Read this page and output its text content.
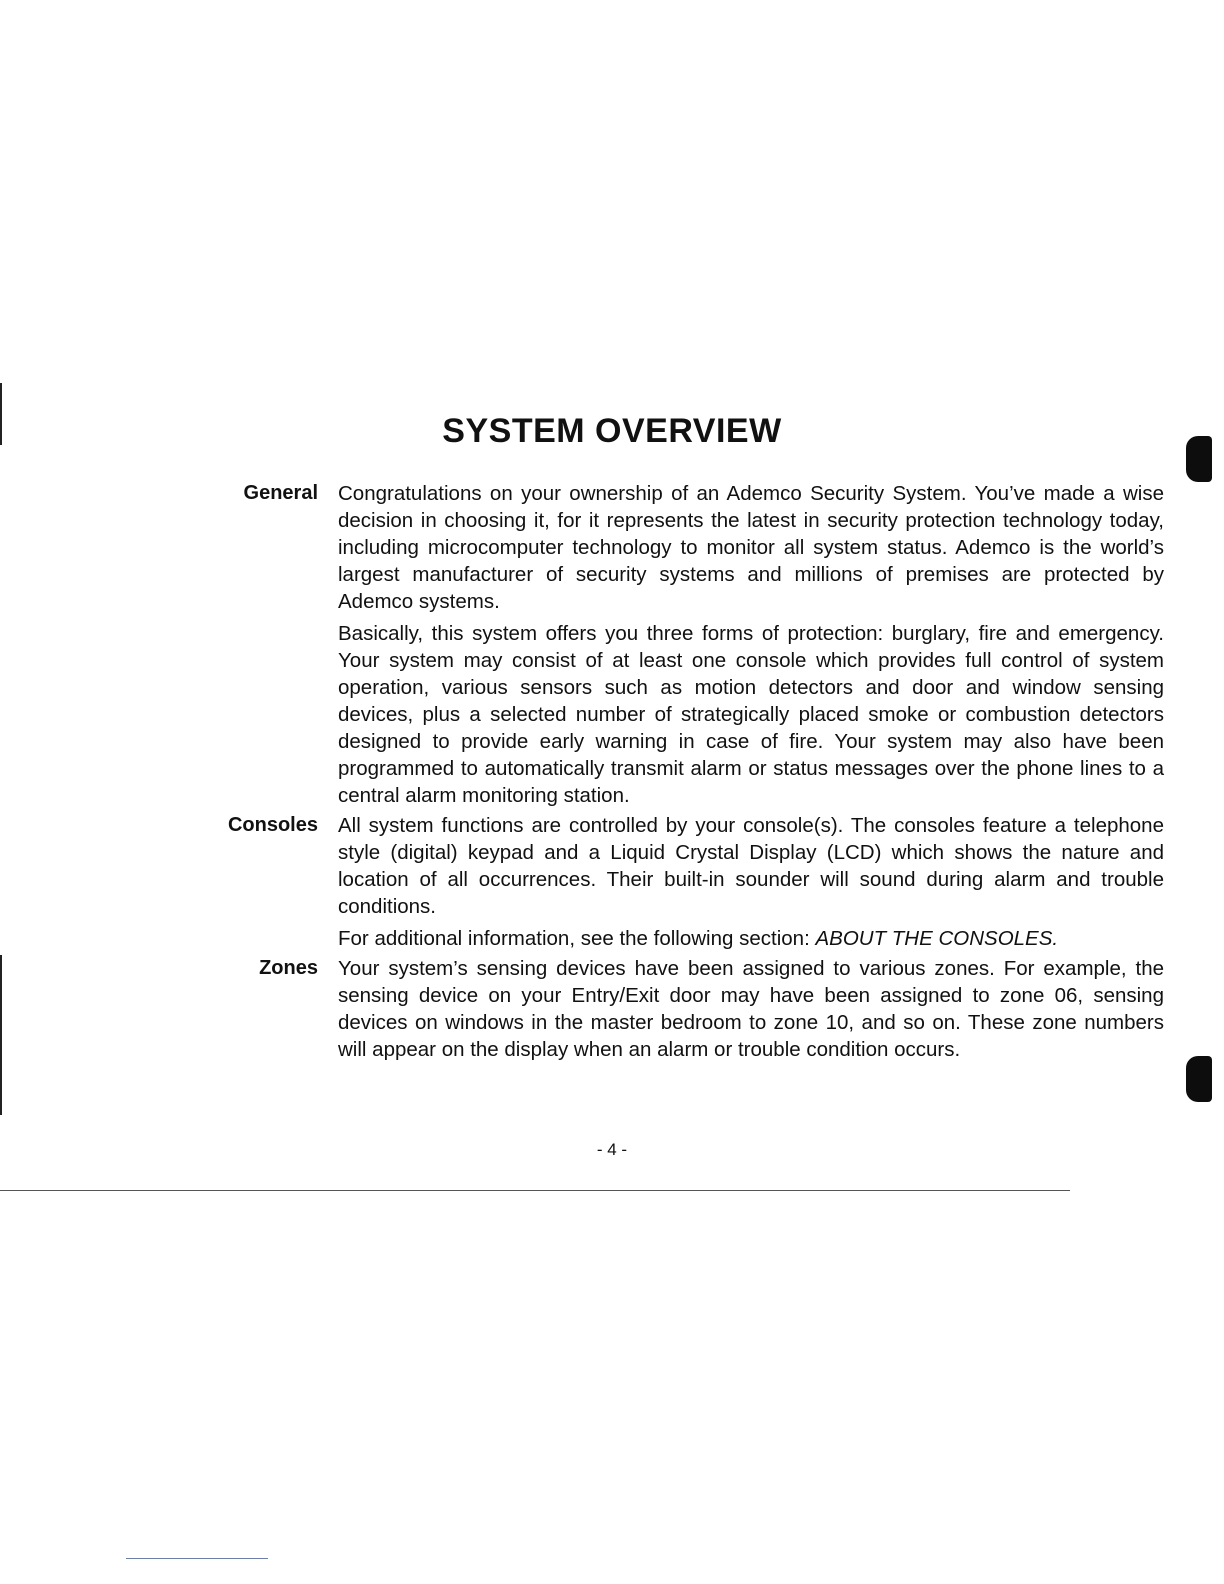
SYSTEM OVERVIEW
General Congratulations on your ownership of an Ademco Security System. You’ve made a wise decision in choosing it, for it represents the latest in security protection technology today, including microcomputer technology to monitor all system status. Ademco is the world’s largest manufacturer of security systems and millions of premises are protected by Ademco systems.

Basically, this system offers you three forms of protection: burglary, fire and emergency. Your system may consist of at least one console which provides full control of system operation, various sensors such as motion detectors and door and window sensing devices, plus a selected number of strategically placed smoke or combustion detectors designed to provide early warning in case of fire. Your system may also have been programmed to automatically transmit alarm or status messages over the phone lines to a central alarm monitoring station.

Consoles All system functions are controlled by your console(s). The consoles feature a telephone style (digital) keypad and a Liquid Crystal Display (LCD) which shows the nature and location of all occurrences. Their built-in sounder will sound during alarm and trouble conditions.

For additional information, see the following section: ABOUT THE CONSOLES.

Zones Your system’s sensing devices have been assigned to various zones. For example, the sensing device on your Entry/Exit door may have been assigned to zone 06, sensing devices on windows in the master bedroom to zone 10, and so on. These zone numbers will appear on the display when an alarm or trouble condition occurs.

- 4 -
